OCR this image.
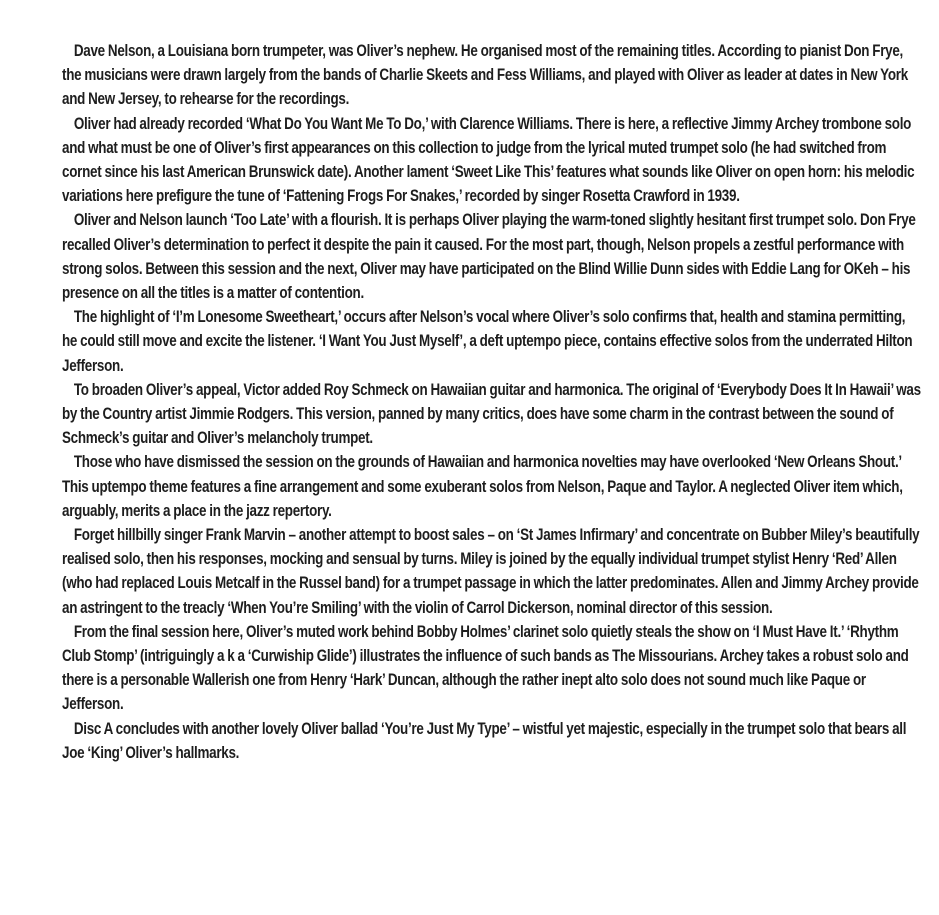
Dave Nelson, a Louisiana born trumpeter, was Oliver’s nephew. He organised most of the remaining titles. According to pianist Don Frye, the musicians were drawn largely from the bands of Charlie Skeets and Fess Williams, and played with Oliver as leader at dates in New York and New Jersey, to rehearse for the recordings.

Oliver had already recorded ‘What Do You Want Me To Do,’ with Clarence Williams. There is here, a reflective Jimmy Archey trombone solo and what must be one of Oliver’s first appearances on this collection to judge from the lyrical muted trumpet solo (he had switched from cornet since his last American Brunswick date). Another lament ‘Sweet Like This’ features what sounds like Oliver on open horn: his melodic variations here prefigure the tune of ‘Fattening Frogs For Snakes,’ recorded by singer Rosetta Crawford in 1939.

Oliver and Nelson launch ‘Too Late’ with a flourish. It is perhaps Oliver playing the warm-toned slightly hesitant first trumpet solo. Don Frye recalled Oliver’s determination to perfect it despite the pain it caused. For the most part, though, Nelson propels a zestful performance with strong solos. Between this session and the next, Oliver may have participated on the Blind Willie Dunn sides with Eddie Lang for OKeh – his presence on all the titles is a matter of contention.

The highlight of ‘I’m Lonesome Sweetheart,’ occurs after Nelson’s vocal where Oliver’s solo confirms that, health and stamina permitting, he could still move and excite the listener. ‘I Want You Just Myself’, a deft uptempo piece, contains effective solos from the underrated Hilton Jefferson.

To broaden Oliver’s appeal, Victor added Roy Schmeck on Hawaiian guitar and harmonica. The original of ‘Everybody Does It In Hawaii’ was by the Country artist Jimmie Rodgers. This version, panned by many critics, does have some charm in the contrast between the sound of Schmeck’s guitar and Oliver’s melancholy trumpet.

Those who have dismissed the session on the grounds of Hawaiian and harmonica novelties may have overlooked ‘New Orleans Shout.’ This uptempo theme features a fine arrangement and some exuberant solos from Nelson, Paque and Taylor. A neglected Oliver item which, arguably, merits a place in the jazz repertory.

Forget hillbilly singer Frank Marvin – another attempt to boost sales – on ‘St James Infirmary’ and concentrate on Bubber Miley’s beautifully realised solo, then his responses, mocking and sensual by turns. Miley is joined by the equally individual trumpet stylist Henry ‘Red’ Allen (who had replaced Louis Metcalf in the Russel band) for a trumpet passage in which the latter predominates. Allen and Jimmy Archey provide an astringent to the treacly ‘When You’re Smiling’ with the violin of Carrol Dickerson, nominal director of this session.

From the final session here, Oliver’s muted work behind Bobby Holmes’ clarinet solo quietly steals the show on ‘I Must Have It.’ ‘Rhythm Club Stomp’ (intriguingly a k a ‘Curwiship Glide’) illustrates the influence of such bands as The Missourians. Archey takes a robust solo and there is a personable Wallerish one from Henry ‘Hark’ Duncan, although the rather inept alto solo does not sound much like Paque or Jefferson.

Disc A concludes with another lovely Oliver ballad ‘You’re Just My Type’ – wistful yet majestic, especially in the trumpet solo that bears all Joe ‘King’ Oliver’s hallmarks.
